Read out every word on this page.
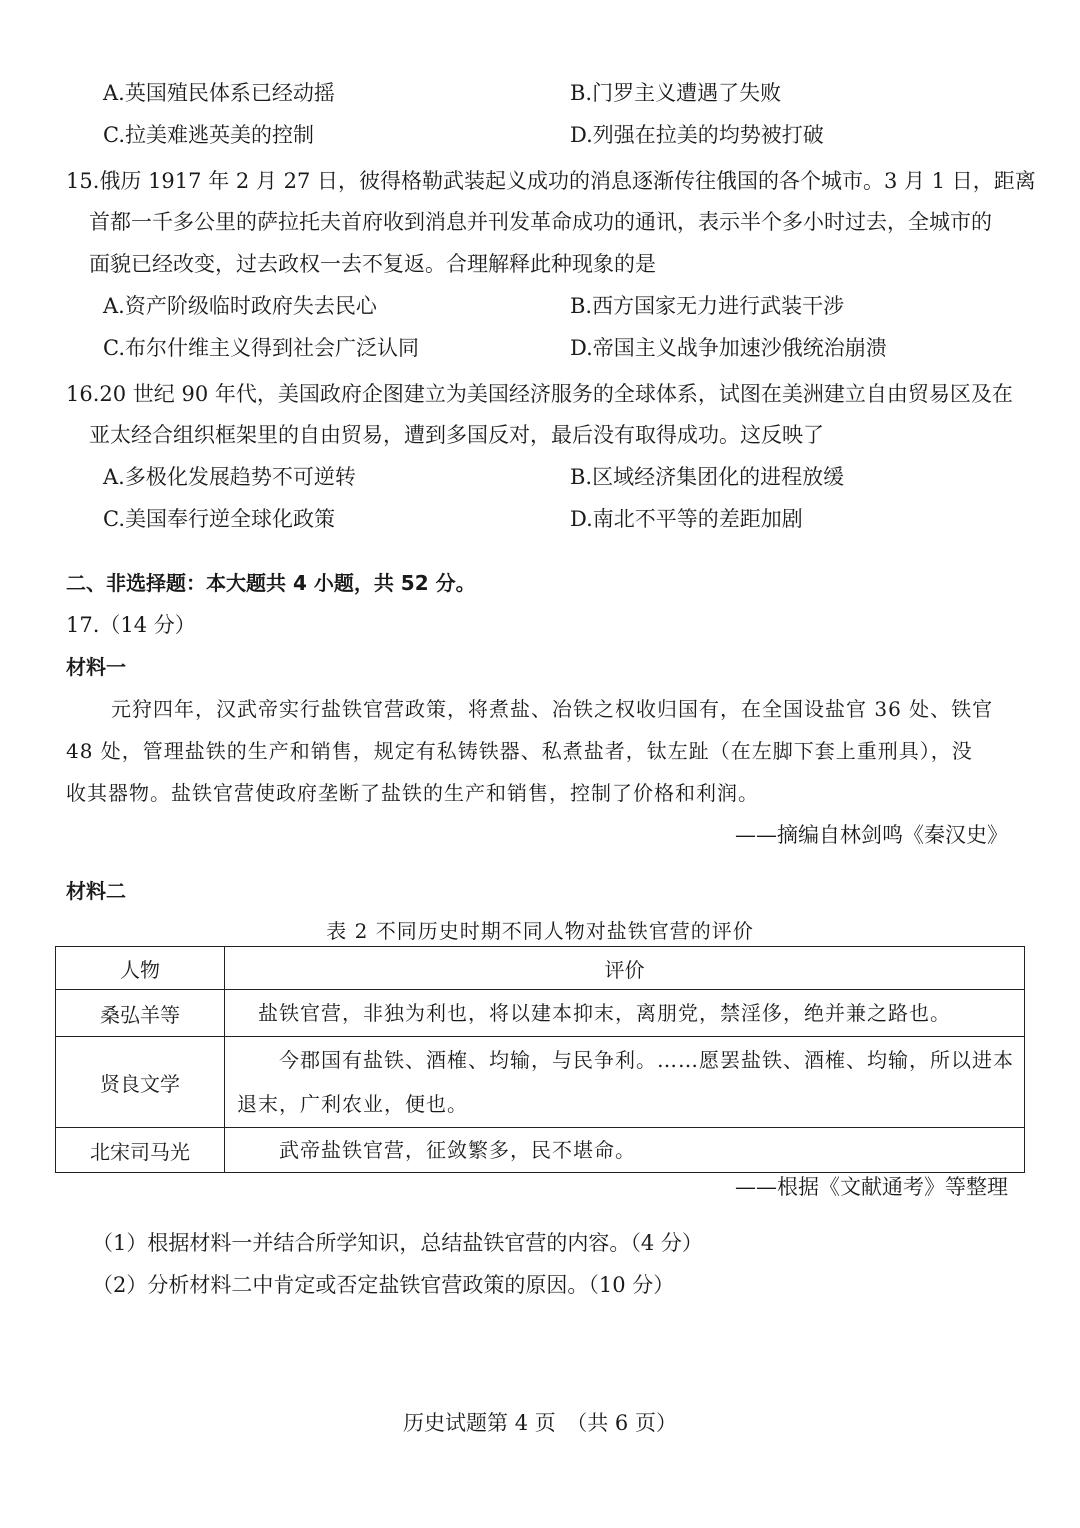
A.英国殖民体系已经动摇	B.门罗主义遭遇了失败
C.拉美难逃英美的控制	D.列强在拉美的均势被打破
15.俄历 1917 年 2 月 27 日，彼得格勒武装起义成功的消息逐渐传往俄国的各个城市。3 月 1 日，距离
首都一千多公里的萨拉托夫首府收到消息并刊发革命成功的通讯，表示半个多小时过去，全城市的
面貌已经改变，过去政权一去不复返。合理解释此种现象的是
A.资产阶级临时政府失去民心	B.西方国家无力进行武装干涉
C.布尔什维主义得到社会广泛认同	D.帝国主义战争加速沙俄统治崩溃
16.20 世纪 90 年代，美国政府企图建立为美国经济服务的全球体系，试图在美洲建立自由贸易区及在
亚太经合组织框架里的自由贸易，遭到多国反对，最后没有取得成功。这反映了
A.多极化发展趋势不可逆转	B.区域经济集团化的进程放缓
C.美国奉行逆全球化政策	D.南北不平等的差距加剧
二、非选择题：本大题共 4 小题，共 52 分。
17.（14 分）
材料一
元狩四年，汉武帝实行盐铁官营政策，将煮盐、冶铁之权收归国有，在全国设盐官 36 处、铁官
48 处，管理盐铁的生产和销售，规定有私铸铁器、私煮盐者，钛左趾（在左脚下套上重刑具），没
收其器物。盐铁官营使政府垄断了盐铁的生产和销售，控制了价格和利润。
——摘编自林剑鸣《秦汉史》
材料二
表 2 不同历史时期不同人物对盐铁官营的评价
人物	评价
桑弘羊等	　盐铁官营，非独为利也，将以建本抑末，离朋党，禁淫侈，绝并兼之路也。
贤良文学	　　今郡国有盐铁、酒榷、均输，与民争利。……愿罢盐铁、酒榷、均输，所以进本退末，广利农业，便也。
北宋司马光	　　武帝盐铁官营，征敛繁多，民不堪命。
——根据《文献通考》等整理
（1）根据材料一并结合所学知识，总结盐铁官营的内容。（4 分）
（2）分析材料二中肯定或否定盐铁官营政策的原因。（10 分）
历史试题第 4 页　（共 6 页）
